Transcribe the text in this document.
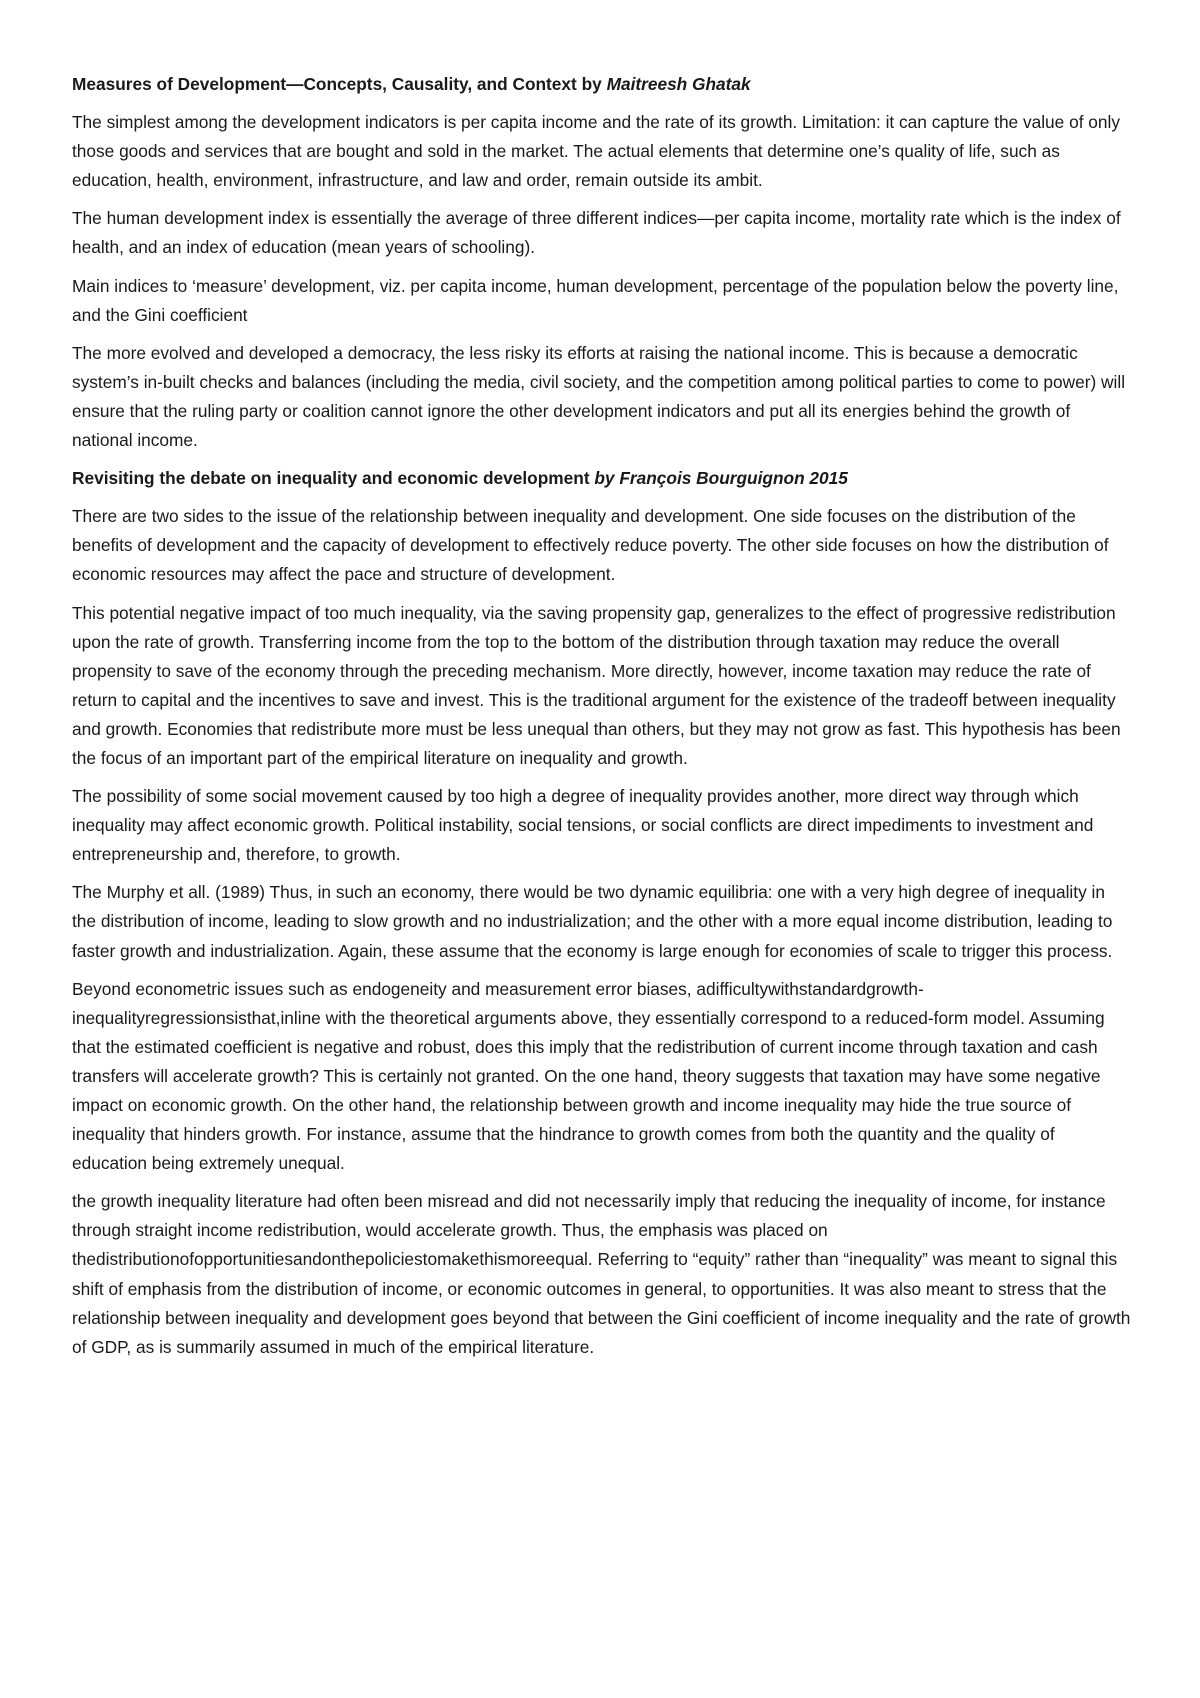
Measures of Development—Concepts, Causality, and Context by Maitreesh Ghatak

The simplest among the development indicators is per capita income and the rate of its growth. Limitation: it can capture the value of only those goods and services that are bought and sold in the market. The actual elements that determine one’s quality of life, such as education, health, environment, infrastructure, and law and order, remain outside its ambit.

The human development index is essentially the average of three different indices—per capita income, mortality rate which is the index of health, and an index of education (mean years of schooling).

Main indices to ‘measure’ development, viz. per capita income, human development, percentage of the population below the poverty line, and the Gini coefficient

The more evolved and developed a democracy, the less risky its efforts at raising the national income. This is because a democratic system’s in-built checks and balances (including the media, civil society, and the competition among political parties to come to power) will ensure that the ruling party or coalition cannot ignore the other development indicators and put all its energies behind the growth of national income.

Revisiting the debate on inequality and economic development by François Bourguignon 2015

There are two sides to the issue of the relationship between inequality and development. One side focuses on the distribution of the benefits of development and the capacity of development to effectively reduce poverty. The other side focuses on how the distribution of economic resources may affect the pace and structure of development.

This potential negative impact of too much inequality, via the saving propensity gap, generalizes to the effect of progressive redistribution upon the rate of growth. Transferring income from the top to the bottom of the distribution through taxation may reduce the overall propensity to save of the economy through the preceding mechanism. More directly, however, income taxation may reduce the rate of return to capital and the incentives to save and invest. This is the traditional argument for the existence of the tradeoff between inequality and growth. Economies that redistribute more must be less unequal than others, but they may not grow as fast. This hypothesis has been the focus of an important part of the empirical literature on inequality and growth.

The possibility of some social movement caused by too high a degree of inequality provides another, more direct way through which inequality may affect economic growth. Political instability, social tensions, or social conflicts are direct impediments to investment and entrepreneurship and, therefore, to growth.

The Murphy et all. (1989) Thus, in such an economy, there would be two dynamic equilibria: one with a very high degree of inequality in the distribution of income, leading to slow growth and no industrialization; and the other with a more equal income distribution, leading to faster growth and industrialization. Again, these assume that the economy is large enough for economies of scale to trigger this process.

Beyond econometric issues such as endogeneity and measurement error biases, adifficultywithstandardgrowth-inequalityregressionsisthat,inline with the theoretical arguments above, they essentially correspond to a reduced-form model. Assuming that the estimated coefficient is negative and robust, does this imply that the redistribution of current income through taxation and cash transfers will accelerate growth? This is certainly not granted. On the one hand, theory suggests that taxation may have some negative impact on economic growth. On the other hand, the relationship between growth and income inequality may hide the true source of inequality that hinders growth. For instance, assume that the hindrance to growth comes from both the quantity and the quality of education being extremely unequal.

the growth inequality literature had often been misread and did not necessarily imply that reducing the inequality of income, for instance through straight income redistribution, would accelerate growth. Thus, the emphasis was placed on thedistributionofopportunitiesandonthepoliciestomakethismoreequal. Referring to “equity” rather than “inequality” was meant to signal this shift of emphasis from the distribution of income, or economic outcomes in general, to opportunities. It was also meant to stress that the relationship between inequality and development goes beyond that between the Gini coefficient of income inequality and the rate of growth of GDP, as is summarily assumed in much of the empirical literature.
